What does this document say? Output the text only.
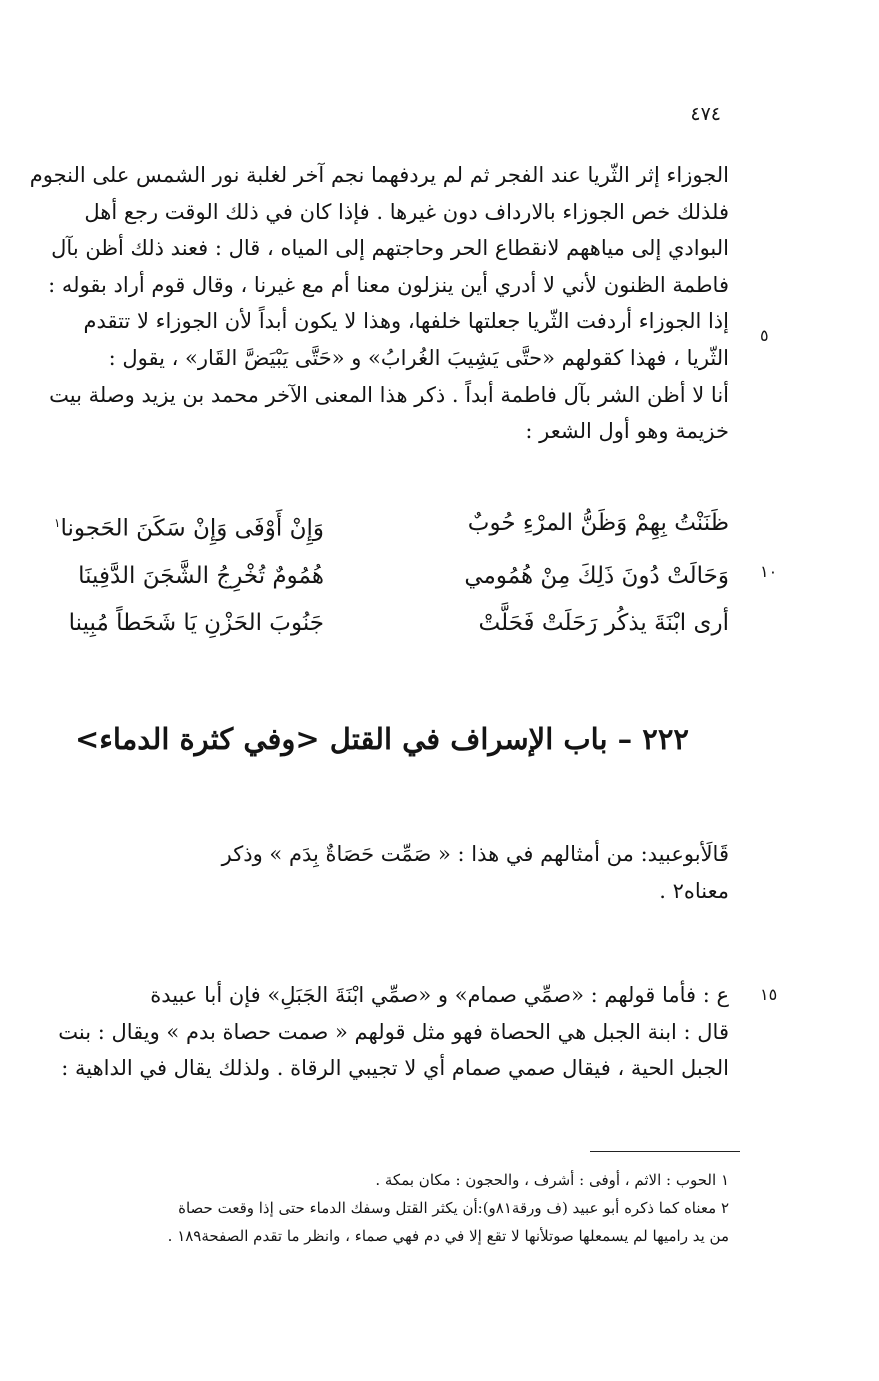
٤٧٤
الجوزاء إثر الثّريا عند الفجر ثم لم يردفهما نجم آخر لغلبة نور الشمس على النجوم
فلذلك خص الجوزاء بالارداف دون غيرها . فإذا كان في ذلك الوقت رجع أهل
البوادي إلى مياههم لانقطاع الحر وحاجتهم إلى المياه ، قال : فعند ذلك أظن بآل
فاطمة الظنون لأني لا أدري أين ينزلون معنا أم مع غيرنا ، وقال قوم أراد بقوله :
إذا الجوزاء أردفت الثّريا جعلتها خلفها، وهذا لا يكون أبداً لأن الجوزاء لا تتقدم
الثّريا ، فهذا كقولهم «حتَّى يَشِيبَ الغُرابُ» و «حَتَّى يَبْيَضَّ القَار» ، يقول :
أنا لا أظن الشر بآل فاطمة أبداً . ذكر هذا المعنى الآخر محمد بن يزيد وصلة بيت
خزيمة وهو أول الشعر :
٥
ظَنَنْتُ بِهِمْ وَظَنُّ المرْءِ حُوبٌ
وَإِنْ أَوْفَى وَإِنْ سَكَنَ الحَجونا$^١$
وَحَالَتْ دُونَ ذَلِكَ مِنْ هُمُومي
هُمُومٌ تُخْرِجُ الشَّجَنَ الدَّفِينَا
أرى ابْنَةَ يذكُر رَحَلَتْ فَحَلَّتْ
جَنُوبَ الحَزْنِ يَا شَحَطاً مُبِينا
١٠
٢٢٢ – باب الإسراف في القتل <وفي كثرة الدماء>
قَالَأبوعبيد: من أمثالهم في هذا : « صَمِّت حَصَاةٌ بِدَم » وذكر
معناه٢ .
ع : فأما قولهم : «صمِّي صمام» و «صمِّي ابْنَةَ الجَبَلِ» فإن أبا عبيدة
قال : ابنة الجبل هي الحصاة فهو مثل قولهم « صمت حصاة بدم » ويقال : بنت
الجبل الحية ، فيقال صمي صمام أي لا تجيبي الرقاة . ولذلك يقال في الداهية :
١٥
١ الحوب : الاثم ، أوفى : أشرف ، والحجون : مكان بمكة .
٢ معناه كما ذكره أبو عبيد (ف ورقة٨١و):أن يكثر القتل وسفك الدماء حتى إذا وقعت حصاة
من يد راميها لم يسمعلها صوتلأنها لا تقع إلا في دم فهي صماء ، وانظر ما تقدم الصفحة١٨٩ .
